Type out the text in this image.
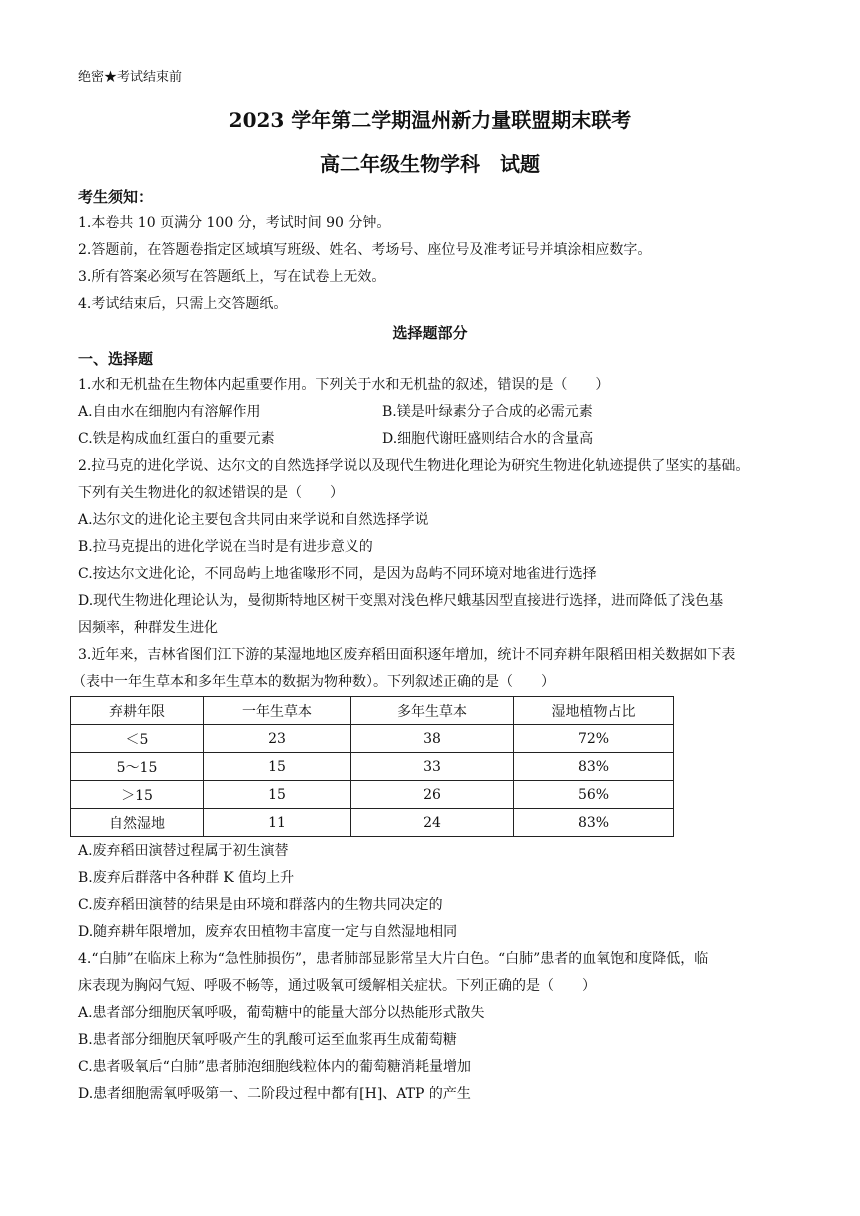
绝密★考试结束前
2023 学年第二学期温州新力量联盟期末联考
高二年级生物学科　试题
考生须知：
1.本卷共 10 页满分 100 分，考试时间 90 分钟。
2.答题前，在答题卷指定区域填写班级、姓名、考场号、座位号及准考证号并填涂相应数字。
3.所有答案必须写在答题纸上，写在试卷上无效。
4.考试结束后，只需上交答题纸。
选择题部分
一、选择题
1.水和无机盐在生物体内起重要作用。下列关于水和无机盐的叙述，错误的是（　　）
A.自由水在细胞内有溶解作用	B.镁是叶绿素分子合成的必需元素
C.铁是构成血红蛋白的重要元素	D.细胞代谢旺盛则结合水的含量高
2.拉马克的进化学说、达尔文的自然选择学说以及现代生物进化理论为研究生物进化轨迹提供了坚实的基础。
下列有关生物进化的叙述错误的是（　　）
A.达尔文的进化论主要包含共同由来学说和自然选择学说
B.拉马克提出的进化学说在当时是有进步意义的
C.按达尔文进化论，不同岛屿上地雀喙形不同，是因为岛屿不同环境对地雀进行选择
D.现代生物进化理论认为，曼彻斯特地区树干变黑对浅色桦尺蛾基因型直接进行选择，进而降低了浅色基
因频率，种群发生进化
3.近年来，吉林省图们江下游的某湿地地区废弃稻田面积逐年增加，统计不同弃耕年限稻田相关数据如下表
（表中一年生草本和多年生草本的数据为物种数）。下列叙述正确的是（　　）
弃耕年限	一年生草本	多年生草本	湿地植物占比
＜5	23	38	72%
5～15	15	33	83%
＞15	15	26	56%
自然湿地	11	24	83%
A.废弃稻田演替过程属于初生演替
B.废弃后群落中各种群 K 值均上升
C.废弃稻田演替的结果是由环境和群落内的生物共同决定的
D.随弃耕年限增加，废弃农田植物丰富度一定与自然湿地相同
4.“白肺”在临床上称为“急性肺损伤”，患者肺部显影常呈大片白色。“白肺”患者的血氧饱和度降低，临
床表现为胸闷气短、呼吸不畅等，通过吸氧可缓解相关症状。下列正确的是（　　）
A.患者部分细胞厌氧呼吸，葡萄糖中的能量大部分以热能形式散失
B.患者部分细胞厌氧呼吸产生的乳酸可运至血浆再生成葡萄糖
C.患者吸氧后“白肺”患者肺泡细胞线粒体内的葡萄糖消耗量增加
D.患者细胞需氧呼吸第一、二阶段过程中都有[H]、ATP 的产生
